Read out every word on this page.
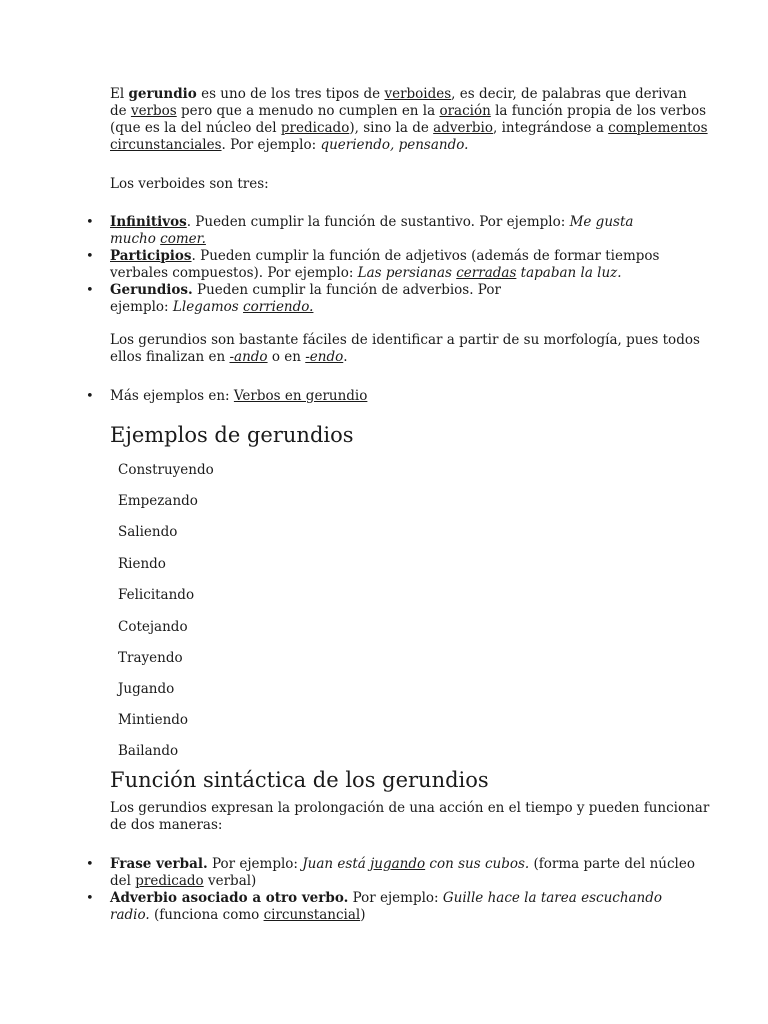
El gerundio es uno de los tres tipos de verboides, es decir, de palabras que derivan
de verbos pero que a menudo no cumplen en la oración la función propia de los verbos
(que es la del núcleo del predicado), sino la de adverbio, integrándose a complementos
circunstanciales. Por ejemplo: queriendo, pensando.

Los verboides son tres:

• Infinitivos. Pueden cumplir la función de sustantivo. Por ejemplo: Me gusta
mucho comer.

• Participios. Pueden cumplir la función de adjetivos (además de formar tiempos
verbales compuestos). Por ejemplo: Las persianas cerradas tapaban la luz.

• Gerundios. Pueden cumplir la función de adverbios. Por
ejemplo: Llegamos corriendo.

Los gerundios son bastante fáciles de identificar a partir de su morfología, pues todos
ellos finalizan en -ando o en -endo.

• Más ejemplos en: Verbos en gerundio

Ejemplos de gerundios

Construyendo

Empezando

Saliendo

Riendo

Felicitando

Cotejando

Trayendo

Jugando

Mintiendo

Bailando

Función sintáctica de los gerundios

Los gerundios expresan la prolongación de una acción en el tiempo y pueden funcionar
de dos maneras:

• Frase verbal. Por ejemplo: Juan está jugando con sus cubos. (forma parte del núcleo
del predicado verbal)

• Adverbio asociado a otro verbo. Por ejemplo: Guille hace la tarea escuchando
radio. (funciona como circunstancial)
